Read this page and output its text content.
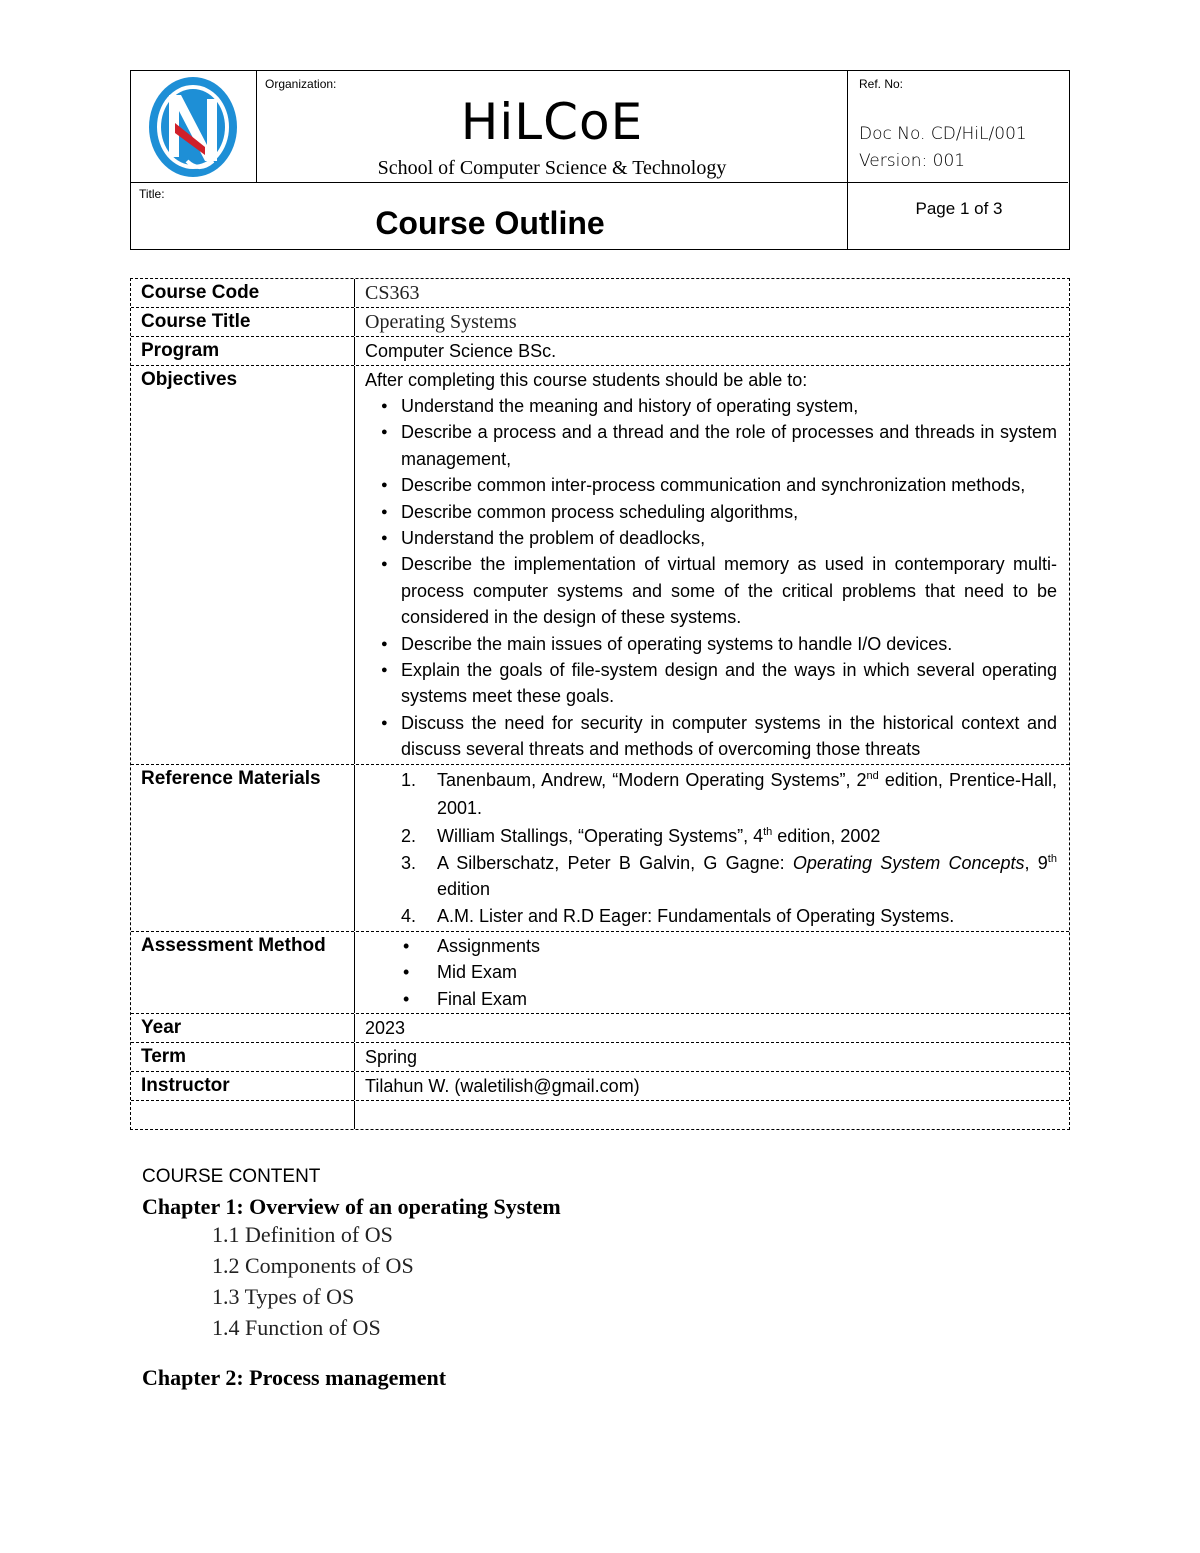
Organization:
HiLCoE
School of Computer Science & Technology
Ref. No:
Doc No. CD/HiL/001
Version: 001
Title:
Course Outline	Page 1 of 3
Course Code	CS363
Course Title	Operating Systems
Program	Computer Science BSc.
Objectives	After completing this course students should be able to:
● Understand the meaning and history of operating system,
● Describe a process and a thread and the role of processes and threads in system management,
● Describe common inter-process communication and synchronization methods,
● Describe common process scheduling algorithms,
● Understand the problem of deadlocks,
● Describe the implementation of virtual memory as used in contemporary multi-process computer systems and some of the critical problems that need to be considered in the design of these systems.
● Describe the main issues of operating systems to handle I/O devices.
● Explain the goals of file-system design and the ways in which several operating systems meet these goals.
● Discuss the need for security in computer systems in the historical context and discuss several threats and methods of overcoming those threats
Reference Materials	1. Tanenbaum, Andrew, “Modern Operating Systems”, 2nd edition, Prentice-Hall, 2001.
2. William Stallings, “Operating Systems”, 4th edition, 2002
3. A Silberschatz, Peter B Galvin, G Gagne: Operating System Concepts, 9th edition
4. A.M. Lister and R.D Eager: Fundamentals of Operating Systems.
Assessment Method
•	Assignments
• Mid Exam
• Final Exam
Year	2023
Term	Spring
Instructor	Tilahun W. (waletilish@gmail.com)
COURSE CONTENT
Chapter 1: Overview of an operating System
1.1 Definition of OS
1.2 Components of OS
1.3 Types of OS
1.4 Function of OS
Chapter 2: Process management
